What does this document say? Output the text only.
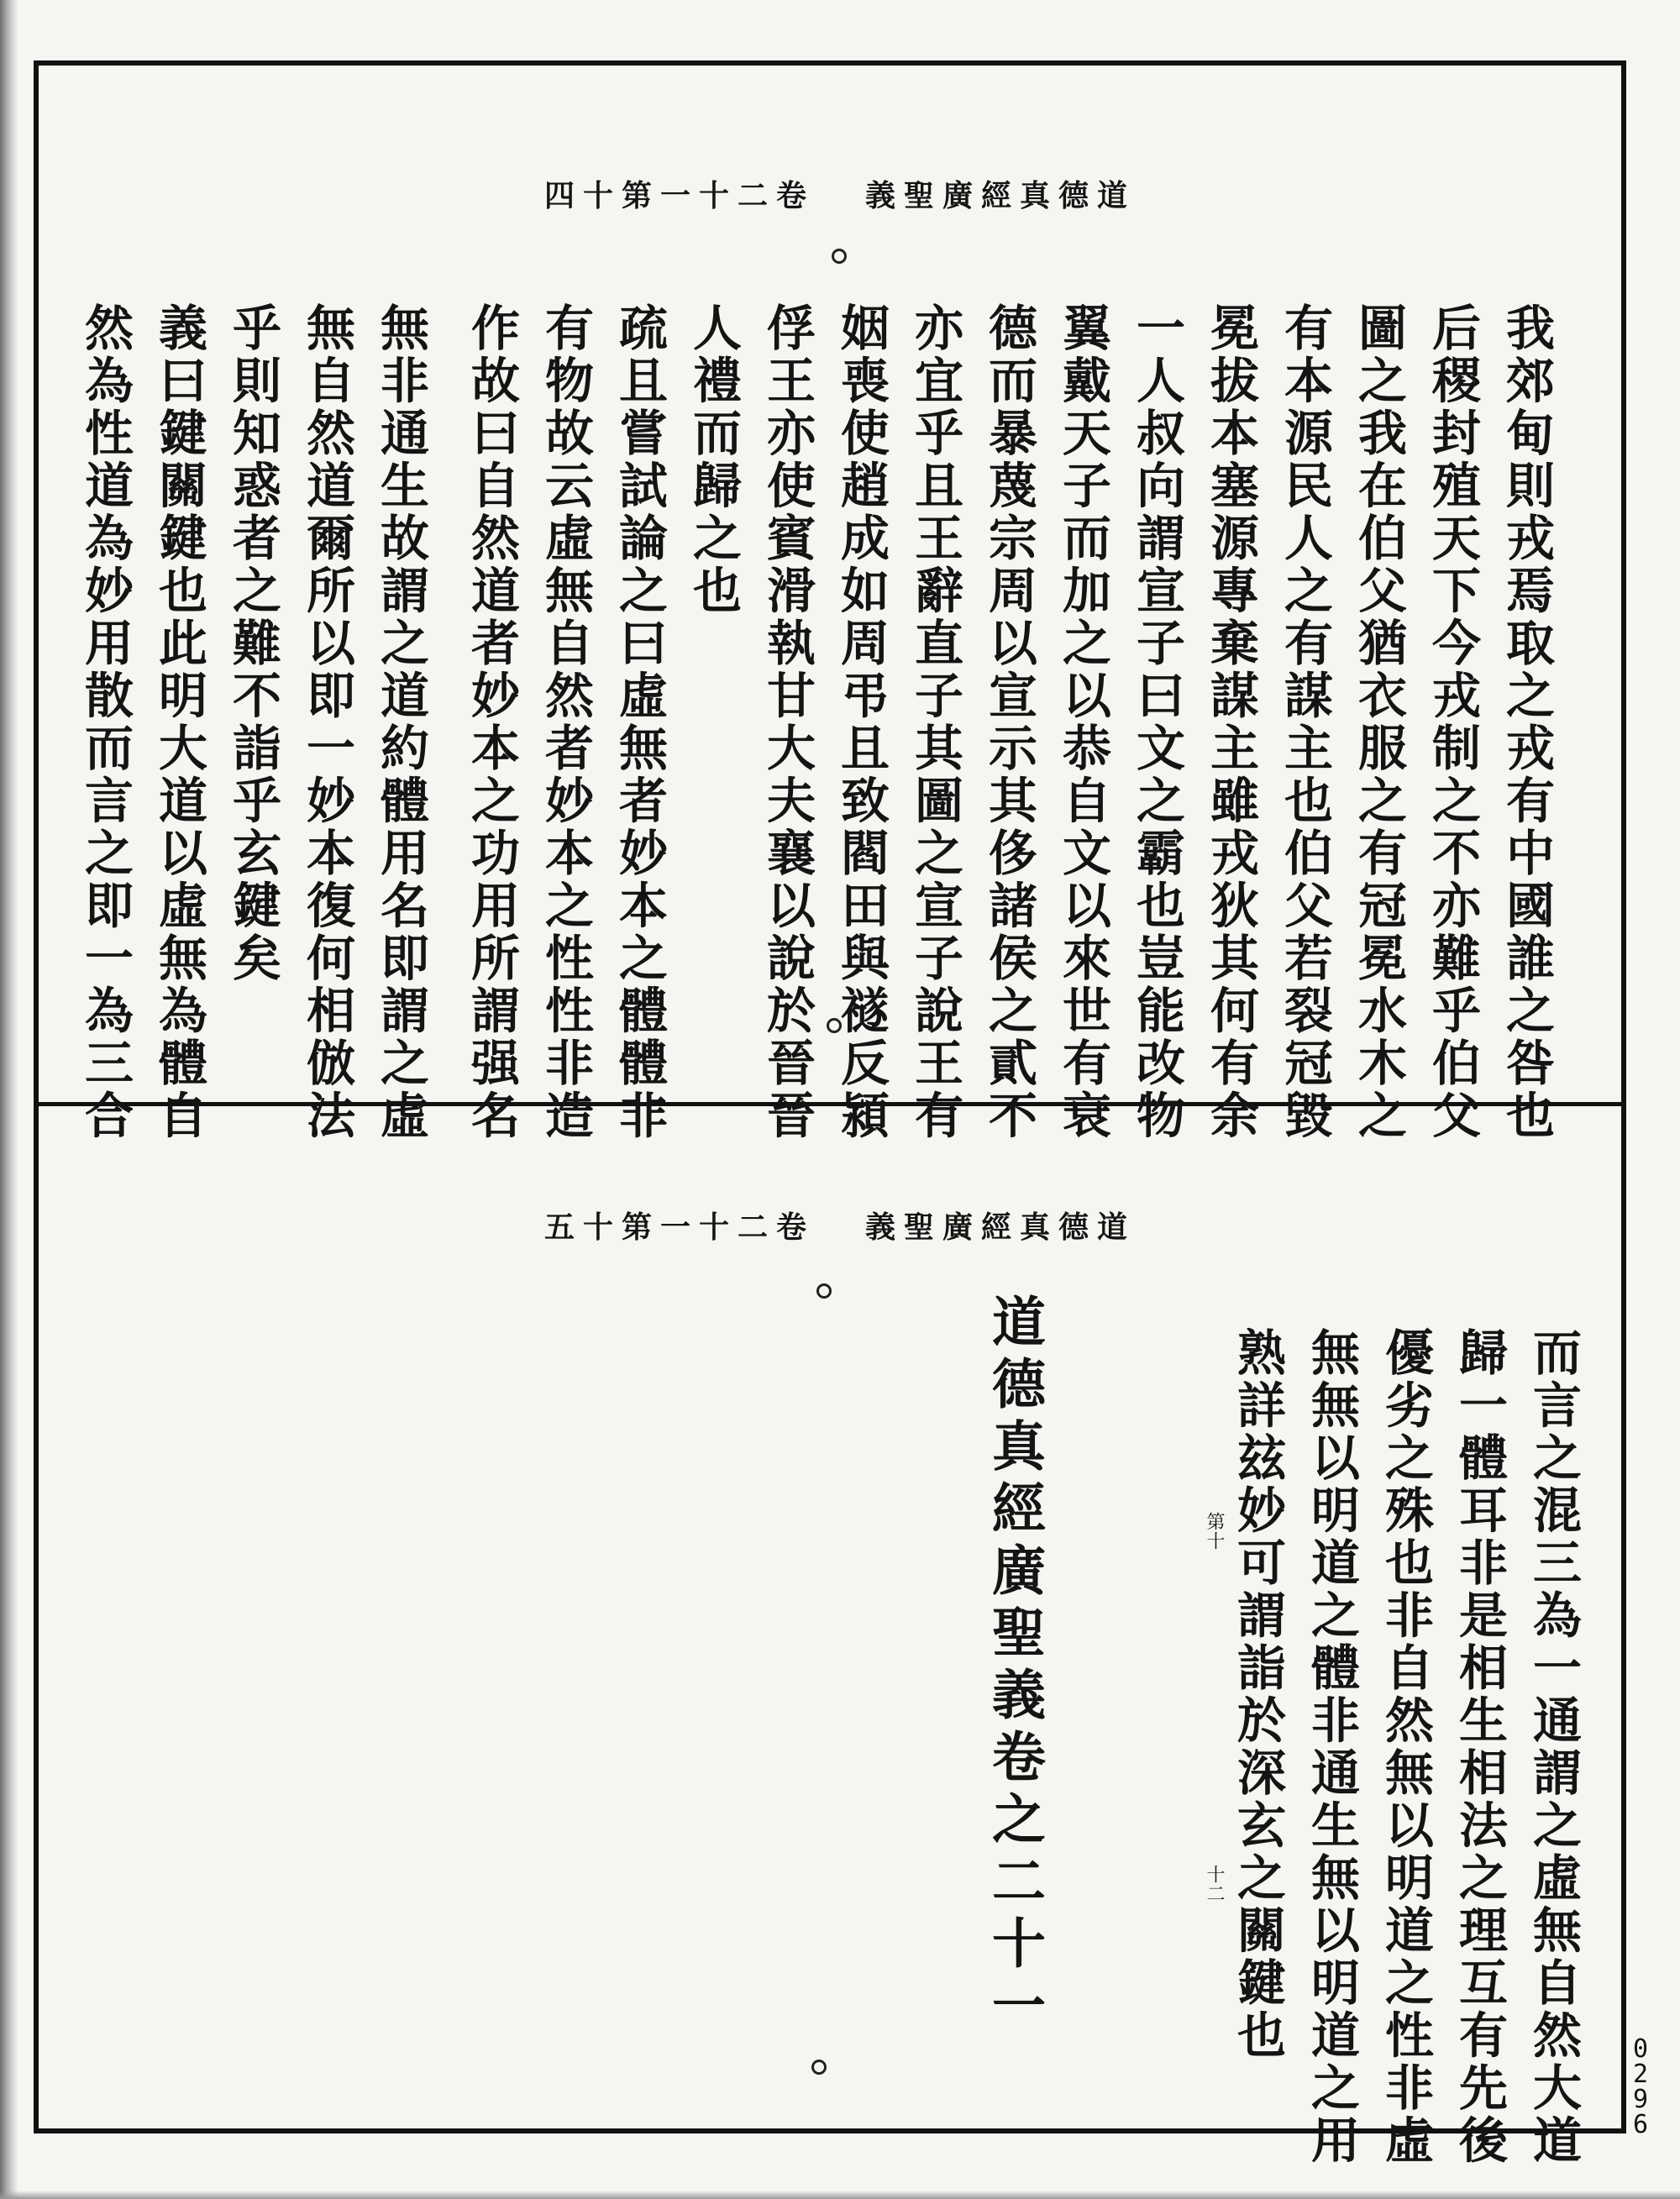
卷二十一第十四 道德真經廣聖義
我郊甸則戎焉取之戎有中國誰之咎也
后稷封殖天下今戎制之不亦難乎伯父
圖之我在伯父猶衣服之有冠冕水木之
有本源民人之有謀主也伯父若裂冠毀
冕拔本塞源專棄謀主雖戎狄其何有余
一人叔向謂宣子曰文之霸也豈能改物
翼戴天子而加之以恭自文以來世有衰
德而暴蔑宗周以宣示其侈諸侯之貳不
亦宜乎且王辭直子其圖之宣子說王有
姻喪使趙成如周弔且致閻田與襚反潁
俘王亦使賓滑執甘大夫襄以說於晉晉
人禮而歸之也
疏且嘗試論之曰虛無者妙本之體體非
有物故云虛無自然者妙本之性性非造
作故曰自然道者妙本之功用所謂强名
無非通生故謂之道約體用名即謂之虛
無自然道爾所以即一妙本復何相倣法
乎則知惑者之難不詣乎玄鍵矣
義曰鍵關鍵也此明大道以虛無為體自
然為性道為妙用散而言之即一為三合
卷二十一第十五 道德真經廣聖義
而言之混三為一通謂之虛無自然大道
歸一體耳非是相生相法之理互有先後
優劣之殊也非自然無以明道之性非虛
無無以明道之體非通生無以明道之用
熟詳玆妙可謂詣於深玄之關鍵也
第十
十二
道德真經廣聖義卷之二十一
0
2
9
6
